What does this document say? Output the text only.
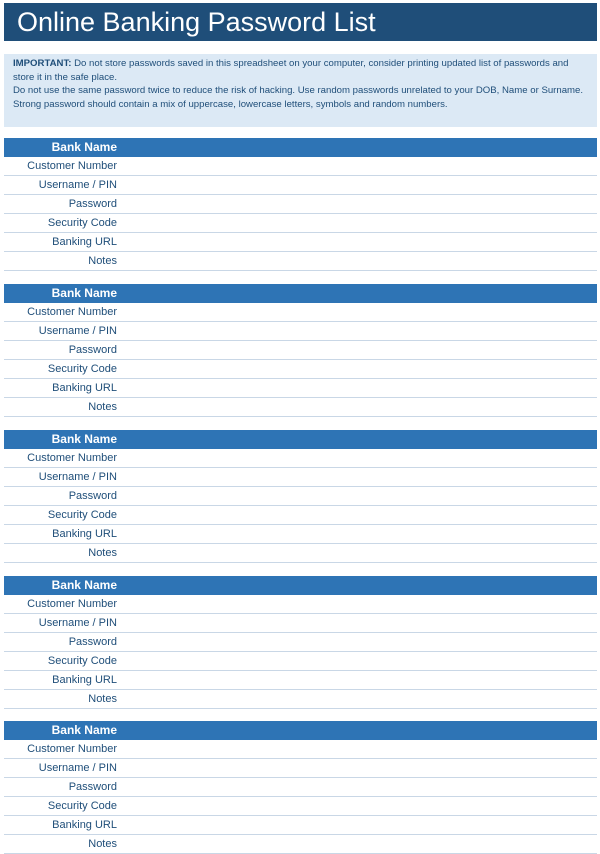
Online Banking Password List

IMPORTANT: Do not store passwords saved in this spreadsheet on your computer, consider printing updated list of passwords and store it in the safe place.

Do not use the same password twice to reduce the risk of hacking. Use random passwords unrelated to your DOB, Name or Surname. Strong password should contain a mix of uppercase, lowercase letters, symbols and random numbers.

Bank Name
Customer Number
Username / PIN
Password
Security Code
Banking URL
Notes
Bank Name
Customer Number
Username / PIN
Password
Security Code
Banking URL
Notes
Bank Name
Customer Number
Username / PIN
Password
Security Code
Banking URL
Notes
Bank Name
Customer Number
Username / PIN
Password
Security Code
Banking URL
Notes
Bank Name
Customer Number
Username / PIN
Password
Security Code
Banking URL
Notes
